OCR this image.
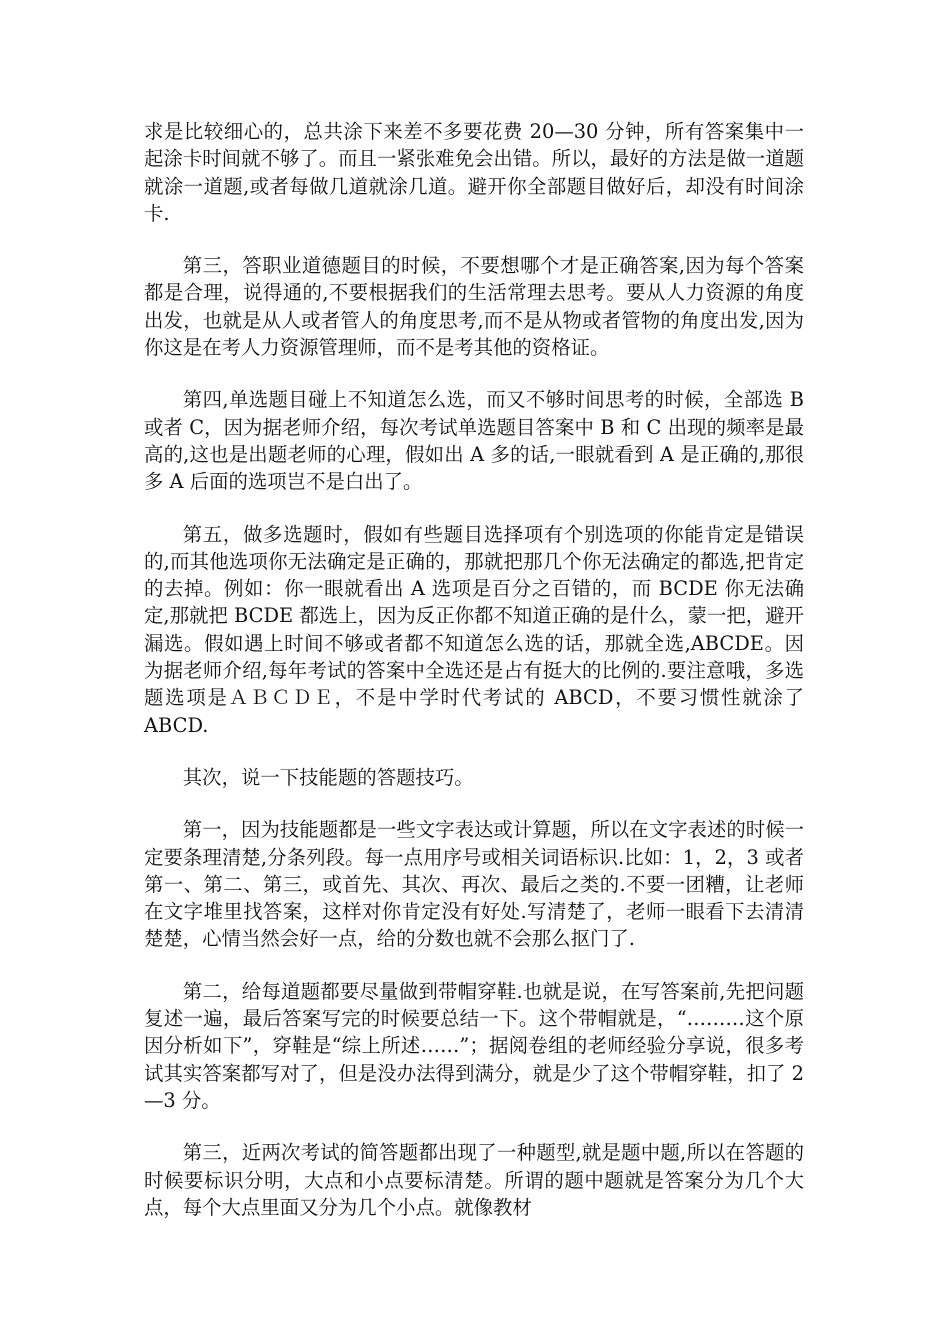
求是比较细心的，总共涂下来差不多要花费 20—30 分钟，所有答案集中一起涂卡时间就不够了。而且一紧张难免会出错。所以，最好的方法是做一道题就涂一道题,或者每做几道就涂几道。避开你全部题目做好后，却没有时间涂卡.

第三，答职业道德题目的时候，不要想哪个才是正确答案,因为每个答案都是合理，说得通的,不要根据我们的生活常理去思考。要从人力资源的角度出发，也就是从人或者管人的角度思考,而不是从物或者管物的角度出发,因为你这是在考人力资源管理师，而不是考其他的资格证。

第四,单选题目碰上不知道怎么选，而又不够时间思考的时候，全部选 B 或者 C，因为据老师介绍，每次考试单选题目答案中 B 和 C 出现的频率是最高的,这也是出题老师的心理，假如出 A 多的话,一眼就看到 A 是正确的,那很多 A 后面的选项岂不是白出了。

第五，做多选题时，假如有些题目选择项有个别选项的你能肯定是错误的,而其他选项你无法确定是正确的，那就把那几个你无法确定的都选,把肯定的去掉。例如：你一眼就看出 A 选项是百分之百错的，而 BCDE 你无法确定,那就把 BCDE 都选上，因为反正你都不知道正确的是什么，蒙一把，避开漏选。假如遇上时间不够或者都不知道怎么选的话，那就全选,ABCDE。因为据老师介绍,每年考试的答案中全选还是占有挺大的比例的.要注意哦，多选题选项是ＡＢＣＤＥ，不是中学时代考试的 ABCD，不要习惯性就涂了 ABCD.

其次，说一下技能题的答题技巧。

第一，因为技能题都是一些文字表达或计算题，所以在文字表述的时候一定要条理清楚,分条列段。每一点用序号或相关词语标识.比如：1，2，3 或者第一、第二、第三，或首先、其次、再次、最后之类的.不要一团糟，让老师在文字堆里找答案，这样对你肯定没有好处.写清楚了，老师一眼看下去清清楚楚，心情当然会好一点，给的分数也就不会那么抠门了.

第二，给每道题都要尽量做到带帽穿鞋.也就是说，在写答案前,先把问题复述一遍，最后答案写完的时候要总结一下。这个带帽就是，“………这个原因分析如下”，穿鞋是“综上所述……”；据阅卷组的老师经验分享说，很多考试其实答案都写对了，但是没办法得到满分，就是少了这个带帽穿鞋，扣了 2—3 分。

第三，近两次考试的简答题都出现了一种题型,就是题中题,所以在答题的时候要标识分明，大点和小点要标清楚。所谓的题中题就是答案分为几个大点，每个大点里面又分为几个小点。就像教材
